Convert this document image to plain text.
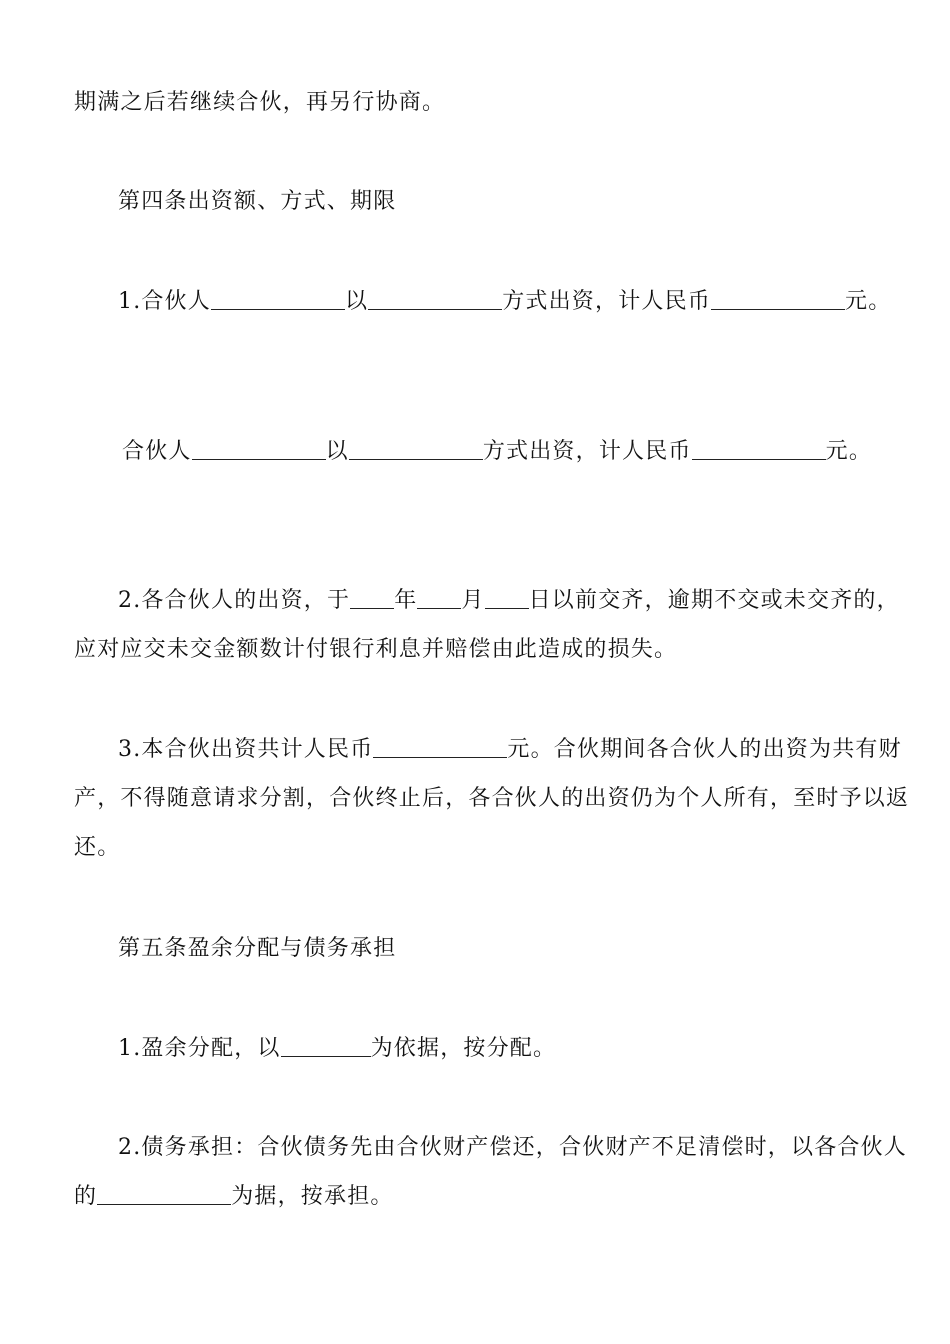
期满之后若继续合伙，再另行协商。
第四条出资额、方式、期限
1.合伙人	以	方式出资，计人民币	元。
合伙人	以	方式出资，计人民币	元。
2.各合伙人的出资，于 年 月 日以前交齐，逾期不交或未交齐的，
应对应交未交金额数计付银行利息并赔偿由此造成的损失。
3.本合伙出资共计人民币	元。合伙期间各合伙人的出资为共有财
产，不得随意请求分割，合伙终止后，各合伙人的出资仍为个人所有，至时予以返
还。
第五条盈余分配与债务承担
1.盈余分配，以	为依据，按分配。
2.债务承担：合伙债务先由合伙财产偿还，合伙财产不足清偿时，以各合伙人
的	为据，按承担。
